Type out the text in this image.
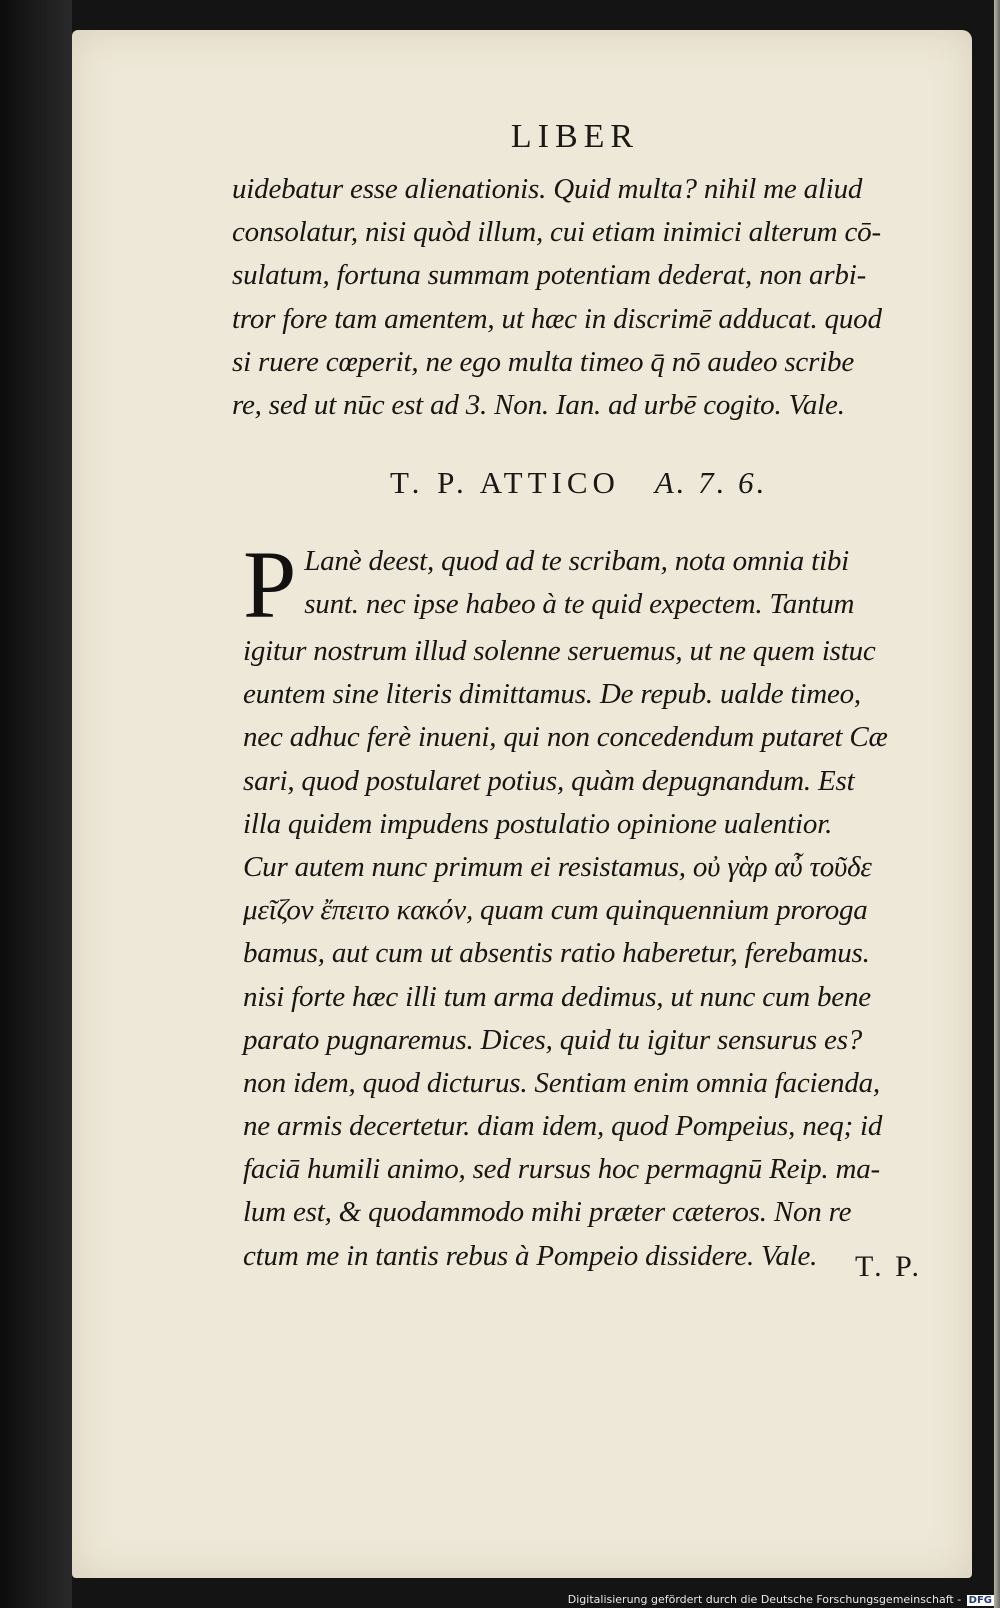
LIBER
uidebatur esse alienationis. Quid multa? nihil me aliud
consolatur, nisi quòd illum, cui etiam inimici alterum cō-
sulatum, fortuna summam potentiam dederat, non arbi-
tror fore tam amentem, ut hæc in discrimē adducat. quod
si ruere cœperit, ne ego multa timeo q̄ nō audeo scribe
re, sed ut nūc est ad 3. Non. Ian. ad urbē cogito. Vale.
T. P. ATTICO A. 7. 6.
P Lanè deest, quod ad te scribam, nota omnia tibi
sunt. nec ipse habeo à te quid expectem. Tantum
igitur nostrum illud solenne seruemus, ut ne quem istuc
euntem sine literis dimittamus. De repub. ualde timeo,
nec adhuc ferè inueni, qui non concedendum putaret Cæ
sari, quod postularet potius, quàm depugnandum. Est
illa quidem impudens postulatio opinione ualentior.
Cur autem nunc primum ei resistamus, οὐ γὰρ αὖ τοῦδε
μεῖζον ἔπειτο κακόν, quam cum quinquennium proroga
bamus, aut cum ut absentis ratio haberetur, ferebamus.
nisi forte hæc illi tum arma dedimus, ut nunc cum bene
parato pugnaremus. Dices, quid tu igitur sensurus es?
non idem, quod dicturus. Sentiam enim omnia facienda,
ne armis decertetur. diam idem, quod Pompeius, neq; id
faciā humili animo, sed rursus hoc permagnū Reip. ma-
lum est, & quodammodo mihi præter cæteros. Non re
ctum me in tantis rebus à Pompeio dissidere. Vale.	T. P.
Digitalisierung gefördert durch die Deutsche Forschungsgemeinschaft - DFG
